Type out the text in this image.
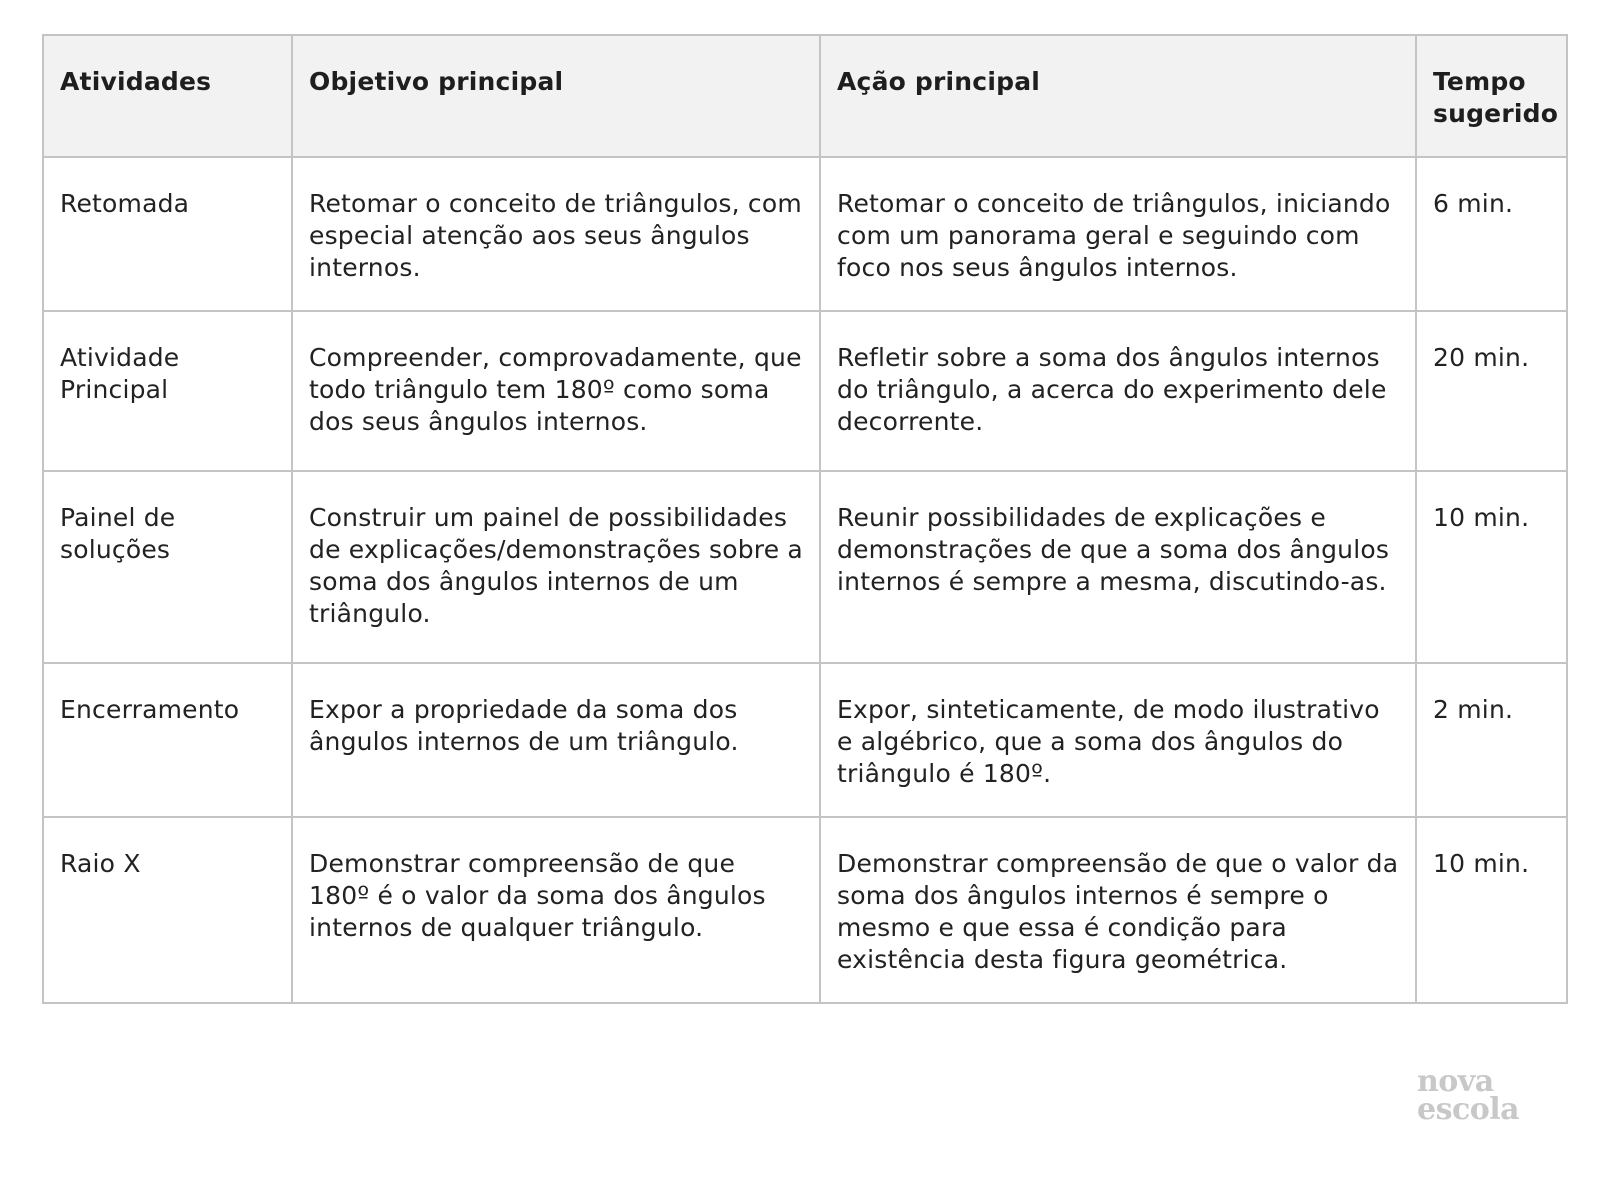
Atividades	Objetivo principal	Ação principal	Tempo sugerido
Retomada	Retomar o conceito de triângulos, com especial atenção aos seus ângulos internos.	Retomar o conceito de triângulos, iniciando com um panorama geral e seguindo com foco nos seus ângulos internos.	6 min.
Atividade Principal	Compreender, comprovadamente, que todo triângulo tem 180º como soma dos seus ângulos internos.	Refletir sobre a soma dos ângulos internos do triângulo, a acerca do experimento dele decorrente.	20 min.
Painel de soluções	Construir um painel de possibilidades de explicações/demonstrações sobre a soma dos ângulos internos de um triângulo.	Reunir possibilidades de explicações e demonstrações de que a soma dos ângulos internos é sempre a mesma, discutindo-as.	10 min.
Encerramento	Expor a propriedade da soma dos ângulos internos de um triângulo.	Expor, sinteticamente, de modo ilustrativo e algébrico, que a soma dos ângulos do triângulo é 180º.	2 min.
Raio X	Demonstrar compreensão de que 180º é o valor da soma dos ângulos internos de qualquer triângulo.	Demonstrar compreensão de que o valor da soma dos ângulos internos é sempre o mesmo e que essa é condição para existência desta figura geométrica.	10 min.
nova
escola
